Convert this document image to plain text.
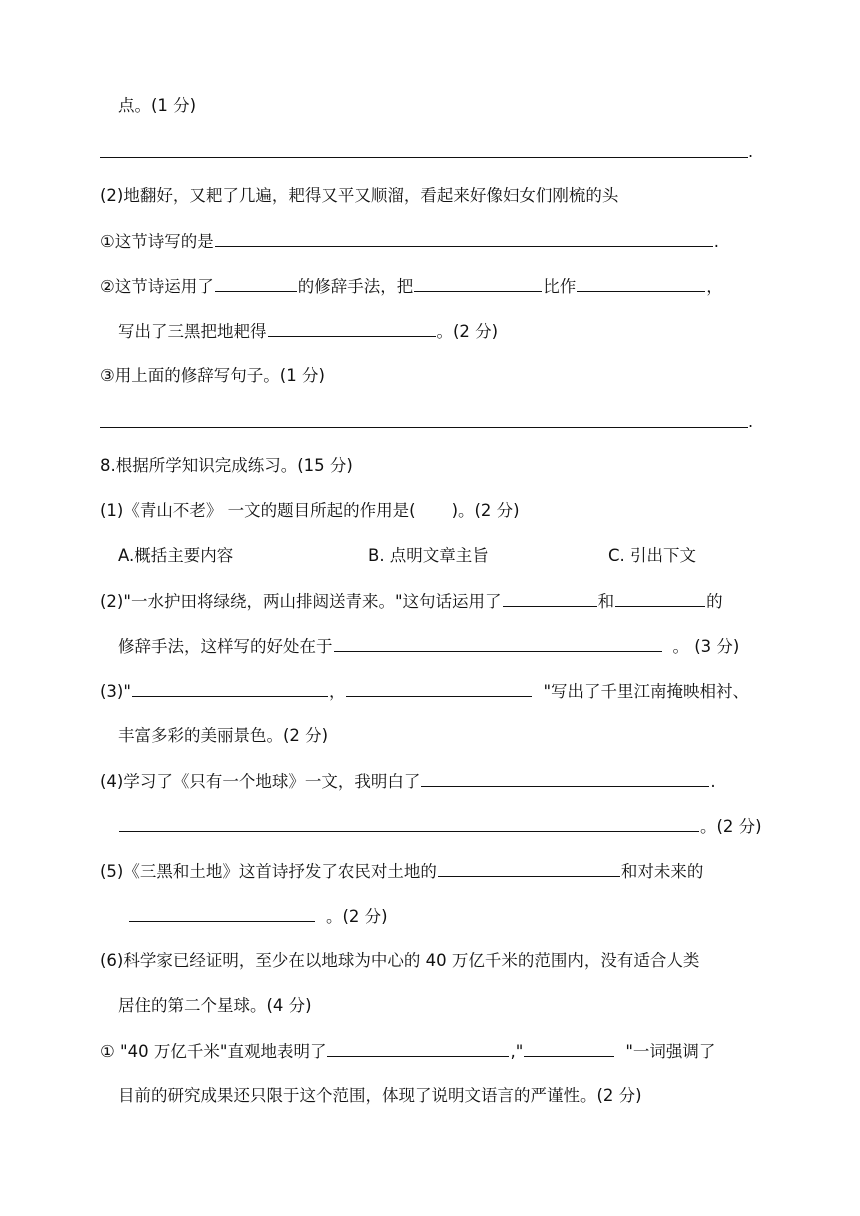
点。(1 分)
.
(2)地翻好，又耙了几遍，耙得又平又顺溜，看起来好像妇女们刚梳的头
①这节诗写的是	.
②这节诗运用了	的修辞手法，把	比作	，
写出了三黑把地耙得	。(2 分)
③用上面的修辞写句子。(1 分)
.
8.根据所学知识完成练习。(15 分)
(1)《青山不老》 一文的题目所起的作用是( )。(2 分)
A.概括主要内容	B. 点明文章主旨	C. 引出下文
(2)"一水护田将绿绕，两山排闼送青来。"这句话运用了	和	的
修辞手法，这样写的好处在于	。 (3 分)
(3)"	，	"写出了千里江南掩映相衬、
丰富多彩的美丽景色。(2 分)
(4)学习了《只有一个地球》一文，我明白了	.
。(2 分)
(5)《三黑和土地》这首诗抒发了农民对土地的	和对未来的
。(2 分)
(6)科学家已经证明，至少在以地球为中心的 40 万亿千米的范围内，没有适合人类
居住的第二个星球。(4 分)
① "40 万亿千米"直观地表明了	,"	"一词强调了
目前的研究成果还只限于这个范围，体现了说明文语言的严谨性。(2 分)
